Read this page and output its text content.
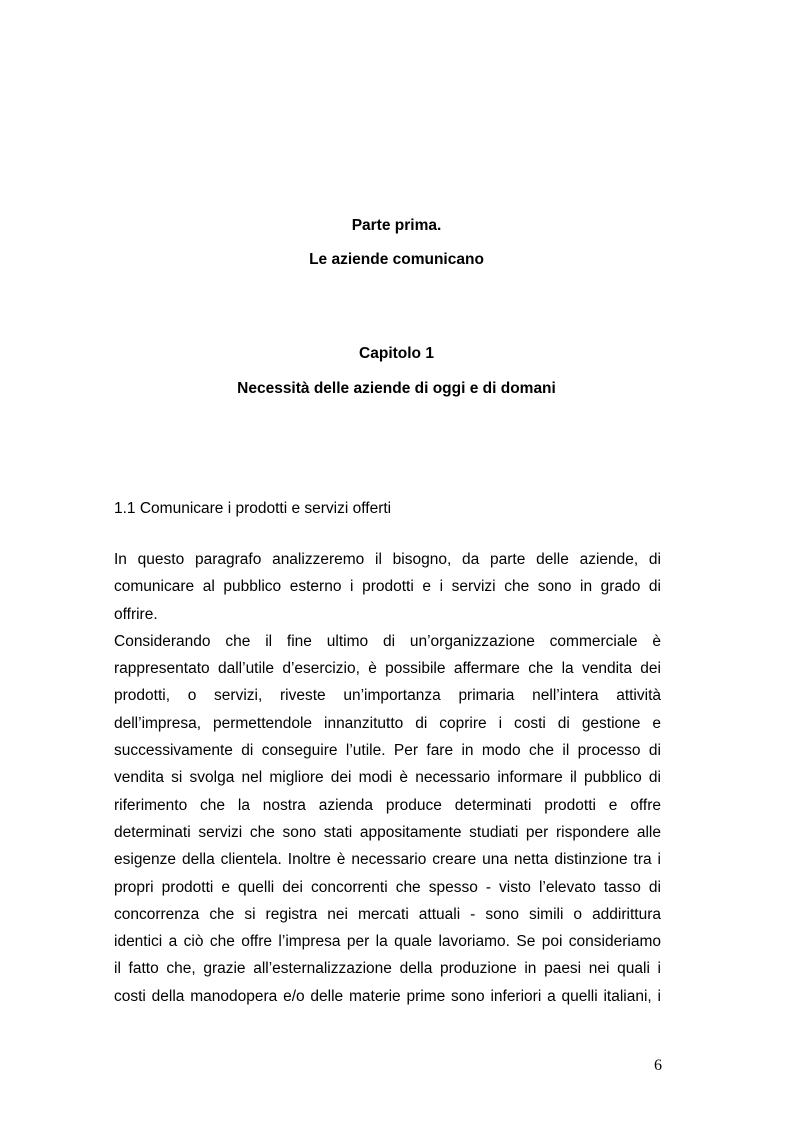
Parte prima.
Le aziende comunicano
Capitolo 1
Necessità delle aziende di oggi e di domani
1.1 Comunicare i prodotti e servizi offerti

In questo paragrafo analizzeremo il bisogno, da parte delle aziende, di

comunicare al pubblico esterno i prodotti e i servizi che sono in grado di

offrire.

Considerando che il fine ultimo di un’organizzazione commerciale è

rappresentato dall’utile d’esercizio, è possibile affermare che la vendita dei

prodotti, o servizi, riveste un’importanza primaria nell’intera attività

dell’impresa, permettendole innanzitutto di coprire i costi di gestione e

successivamente di conseguire l’utile. Per fare in modo che il processo di

vendita si svolga nel migliore dei modi è necessario informare il pubblico di

riferimento che la nostra azienda produce determinati prodotti e offre

determinati servizi che sono stati appositamente studiati per rispondere alle

esigenze della clientela. Inoltre è necessario creare una netta distinzione tra i

propri prodotti e quelli dei concorrenti che spesso - visto l’elevato tasso di

concorrenza che si registra nei mercati attuali - sono simili o addirittura

identici a ciò che offre l’impresa per la quale lavoriamo. Se poi consideriamo

il fatto che, grazie all’esternalizzazione della produzione in paesi nei quali i

costi della manodopera e/o delle materie prime sono inferiori a quelli italiani, i

6
